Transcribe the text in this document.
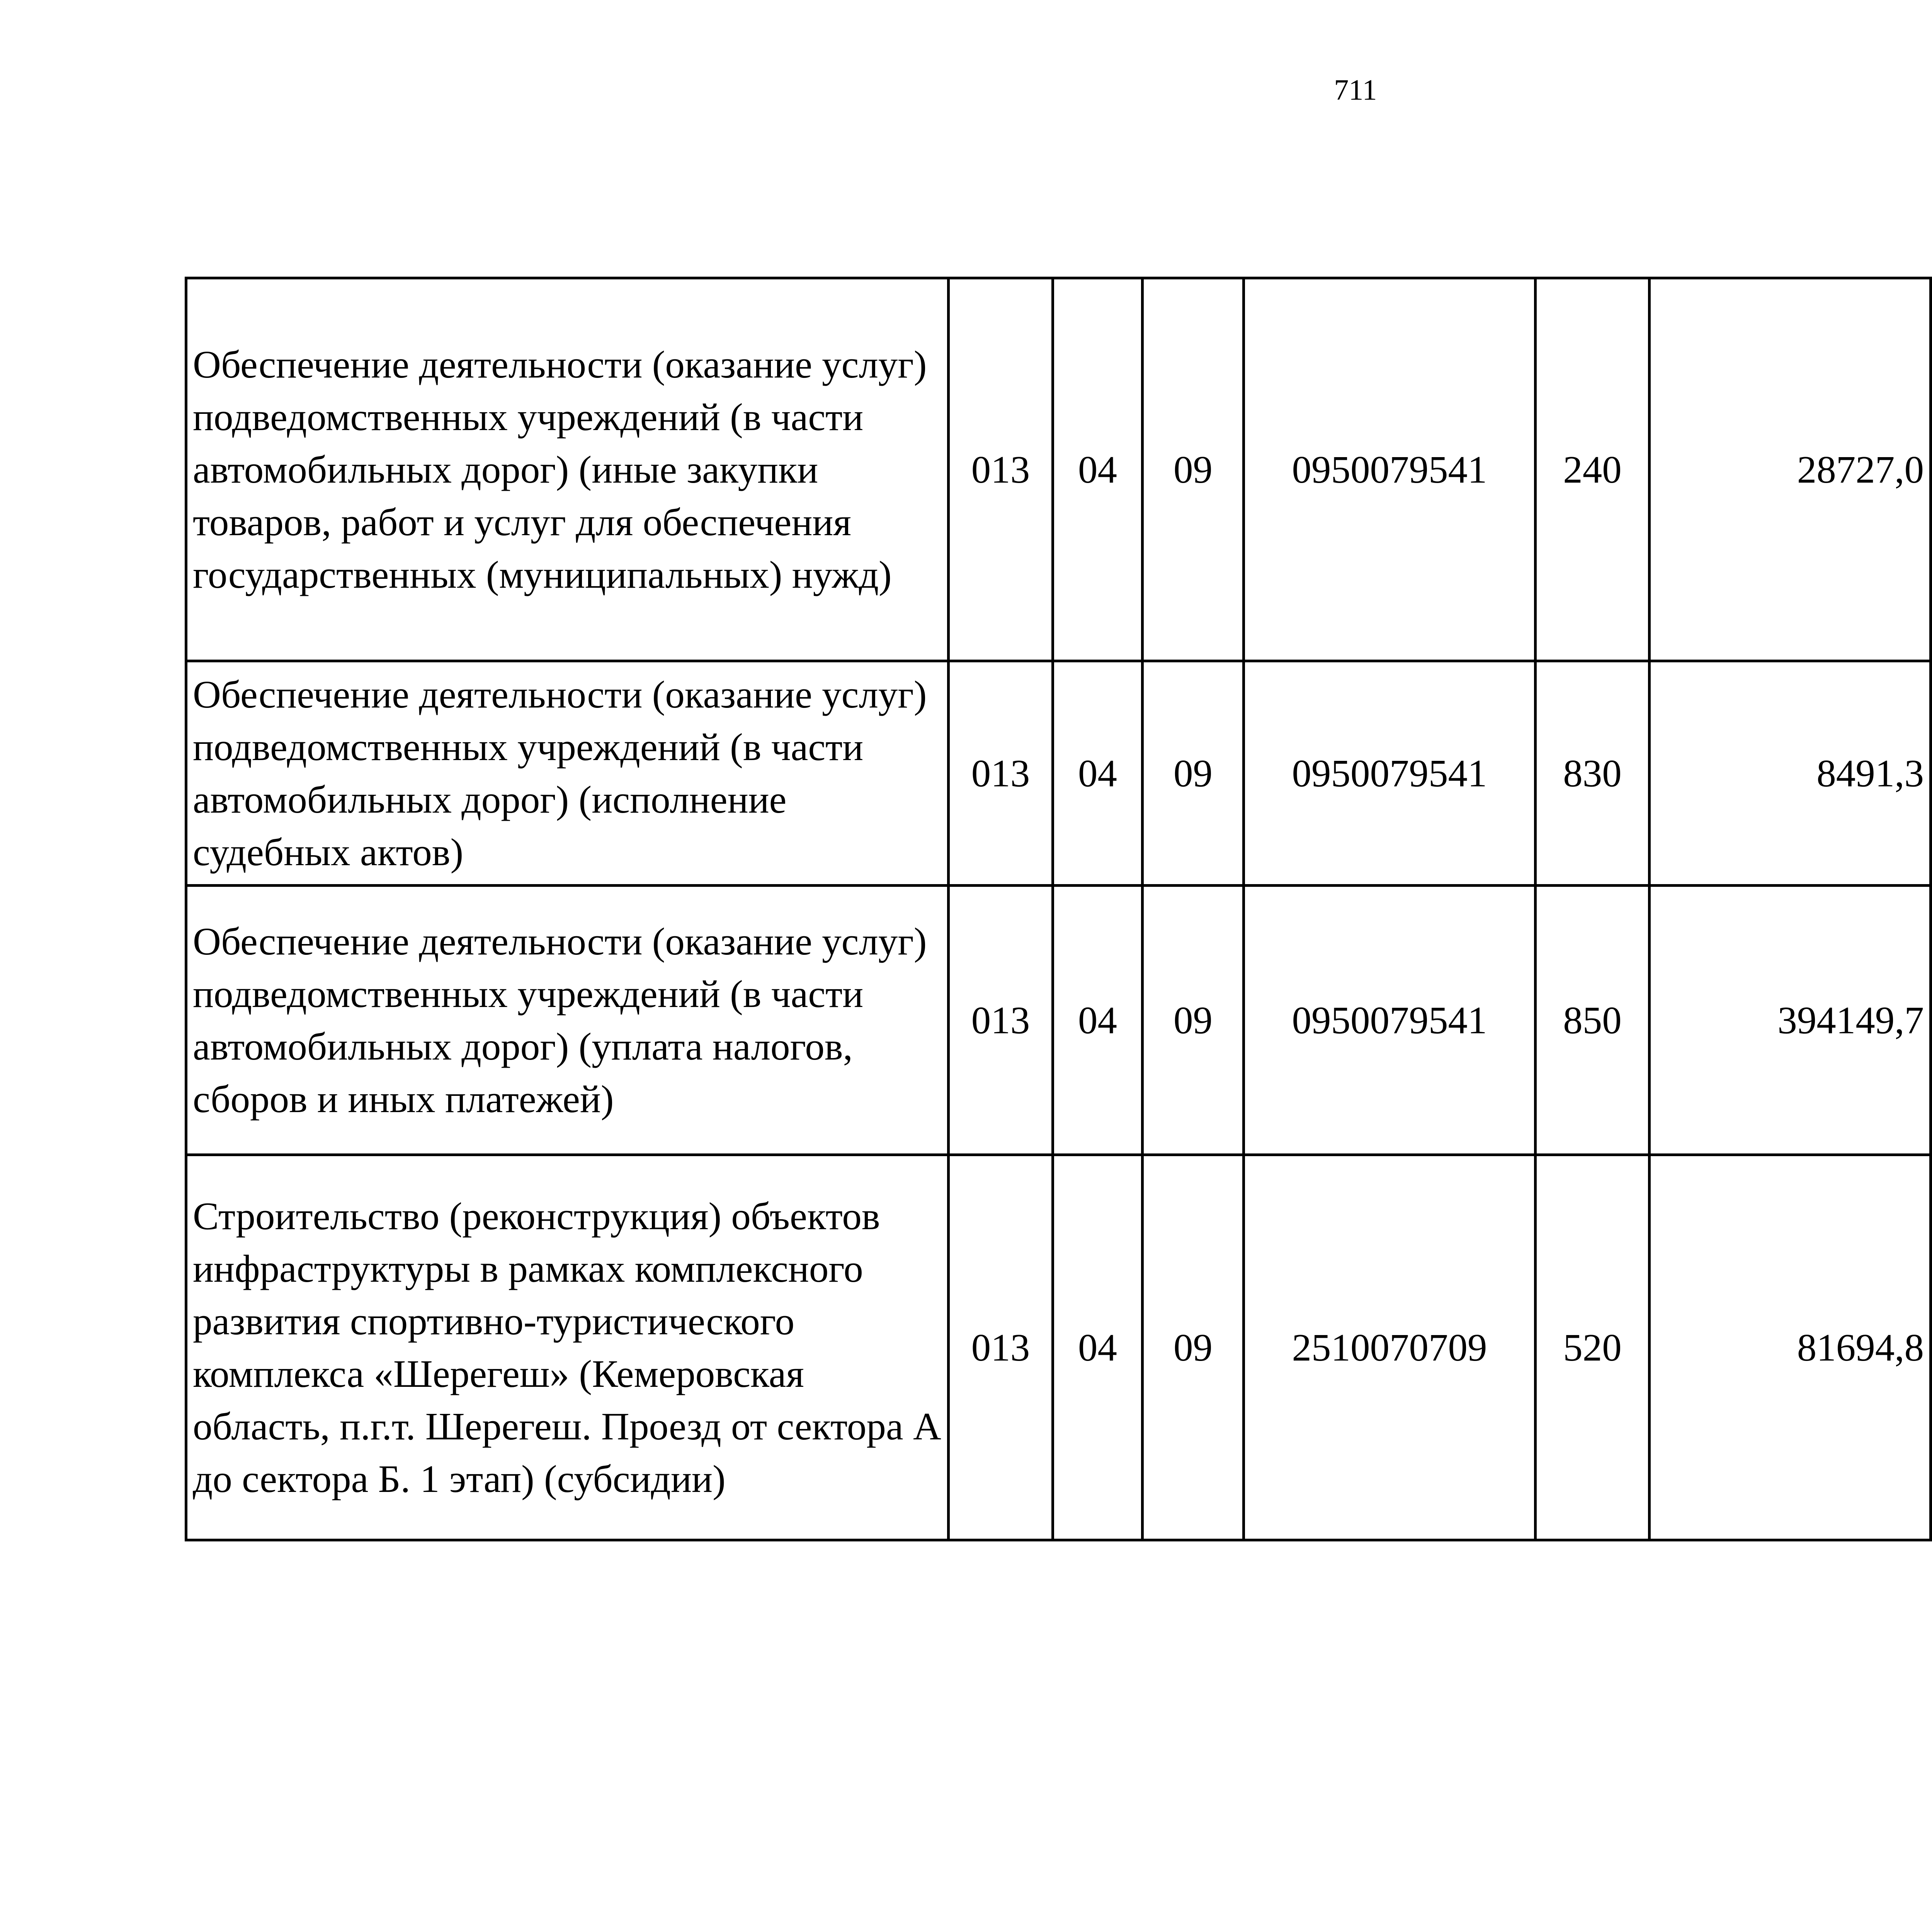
711
Обеспечение деятельности (оказание услуг) подведомственных учреждений (в части автомобильных дорог) (иные закупки товаров, работ и услуг для обеспечения государственных (муниципальных) нужд)	013	04	09	0950079541	240	28727,0		
Обеспечение деятельности (оказание услуг) подведомственных учреждений (в части автомобильных дорог) (исполнение судебных актов)	013	04	09	0950079541	830	8491,3		
Обеспечение деятельности (оказание услуг) подведомственных учреждений (в части автомобильных дорог) (уплата налогов, сборов и иных платежей)	013	04	09	0950079541	850	394149,7		
Строительство (реконструкция) объектов инфраструктуры в рамках комплексного развития спортивно-туристического комплекса «Шерегеш» (Кемеровская область, п.г.т. Шерегеш. Проезд от сектора А до сектора Б. 1 этап) (субсидии)	013	04	09	2510070709	520	81694,8		
